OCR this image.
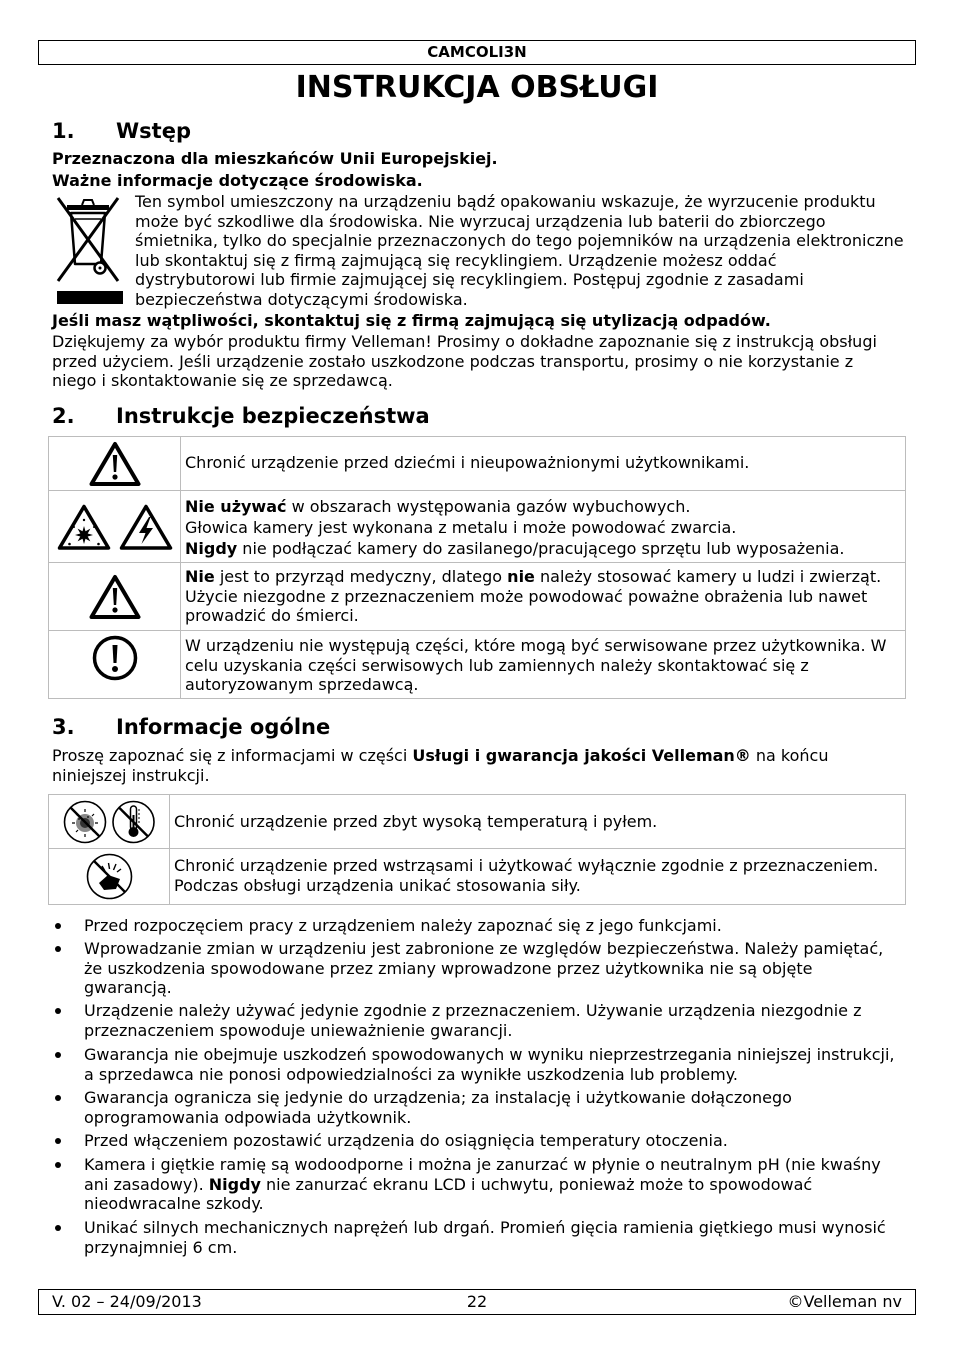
CAMCOLI3N
INSTRUKCJA OBSŁUGI
1. Wstęp
Przeznaczona dla mieszkańców Unii Europejskiej.
Ważne informacje dotyczące środowiska.
Ten symbol umieszczony na urządzeniu bądź opakowaniu wskazuje, że wyrzucenie produktu
może być szkodliwe dla środowiska. Nie wyrzucaj urządzenia lub baterii do zbiorczego
śmietnika, tylko do specjalnie przeznaczonych do tego pojemników na urządzenia elektroniczne
lub skontaktuj się z firmą zajmującą się recyklingiem. Urządzenie możesz oddać
dystrybutorowi lub firmie zajmującej się recyklingiem. Postępuj zgodnie z zasadami
bezpieczeństwa dotyczącymi środowiska.
Jeśli masz wątpliwości, skontaktuj się z firmą zajmującą się utylizacją odpadów.
Dziękujemy za wybór produktu firmy Velleman! Prosimy o dokładne zapoznanie się z instrukcją obsługi
przed użyciem. Jeśli urządzenie zostało uszkodzone podczas transportu, prosimy o nie korzystanie z
niego i skontaktowanie się ze sprzedawcą.
2. Instrukcje bezpieczeństwa
Chronić urządzenie przed dziećmi i nieupoważnionymi użytkownikami.
Nie używać w obszarach występowania gazów wybuchowych.
Głowica kamery jest wykonana z metalu i może powodować zwarcia.
Nigdy nie podłączać kamery do zasilanego/pracującego sprzętu lub wyposażenia.
Nie jest to przyrząd medyczny, dlatego nie należy stosować kamery u ludzi i zwierząt.
Użycie niezgodne z przeznaczeniem może powodować poważne obrażenia lub nawet
prowadzić do śmierci.
W urządzeniu nie występują części, które mogą być serwisowane przez użytkownika. W
celu uzyskania części serwisowych lub zamiennych należy skontaktować się z
autoryzowanym sprzedawcą.
3. Informacje ogólne
Proszę zapoznać się z informacjami w części Usługi i gwarancja jakości Velleman® na końcu
niniejszej instrukcji.
Chronić urządzenie przed zbyt wysoką temperaturą i pyłem.
Chronić urządzenie przed wstrząsami i użytkować wyłącznie zgodnie z przeznaczeniem.
Podczas obsługi urządzenia unikać stosowania siły.
Przed rozpoczęciem pracy z urządzeniem należy zapoznać się z jego funkcjami.
Wprowadzanie zmian w urządzeniu jest zabronione ze względów bezpieczeństwa. Należy pamiętać,
że uszkodzenia spowodowane przez zmiany wprowadzone przez użytkownika nie są objęte
gwarancją.
Urządzenie należy używać jedynie zgodnie z przeznaczeniem. Używanie urządzenia niezgodnie z
przeznaczeniem spowoduje unieważnienie gwarancji.
Gwarancja nie obejmuje uszkodzeń spowodowanych w wyniku nieprzestrzegania niniejszej instrukcji,
a sprzedawca nie ponosi odpowiedzialności za wynikłe uszkodzenia lub problemy.
Gwarancja ogranicza się jedynie do urządzenia; za instalację i użytkowanie dołączonego
oprogramowania odpowiada użytkownik.
Przed włączeniem pozostawić urządzenia do osiągnięcia temperatury otoczenia.
Kamera i giętkie ramię są wodoodporne i można je zanurzać w płynie o neutralnym pH (nie kwaśny
ani zasadowy). Nigdy nie zanurzać ekranu LCD i uchwytu, ponieważ może to spowodować
nieodwracalne szkody.
Unikać silnych mechanicznych naprężeń lub drgań. Promień gięcia ramienia giętkiego musi wynosić
przynajmniej 6 cm.
V. 02 – 24/09/2013	22	©Velleman nv
